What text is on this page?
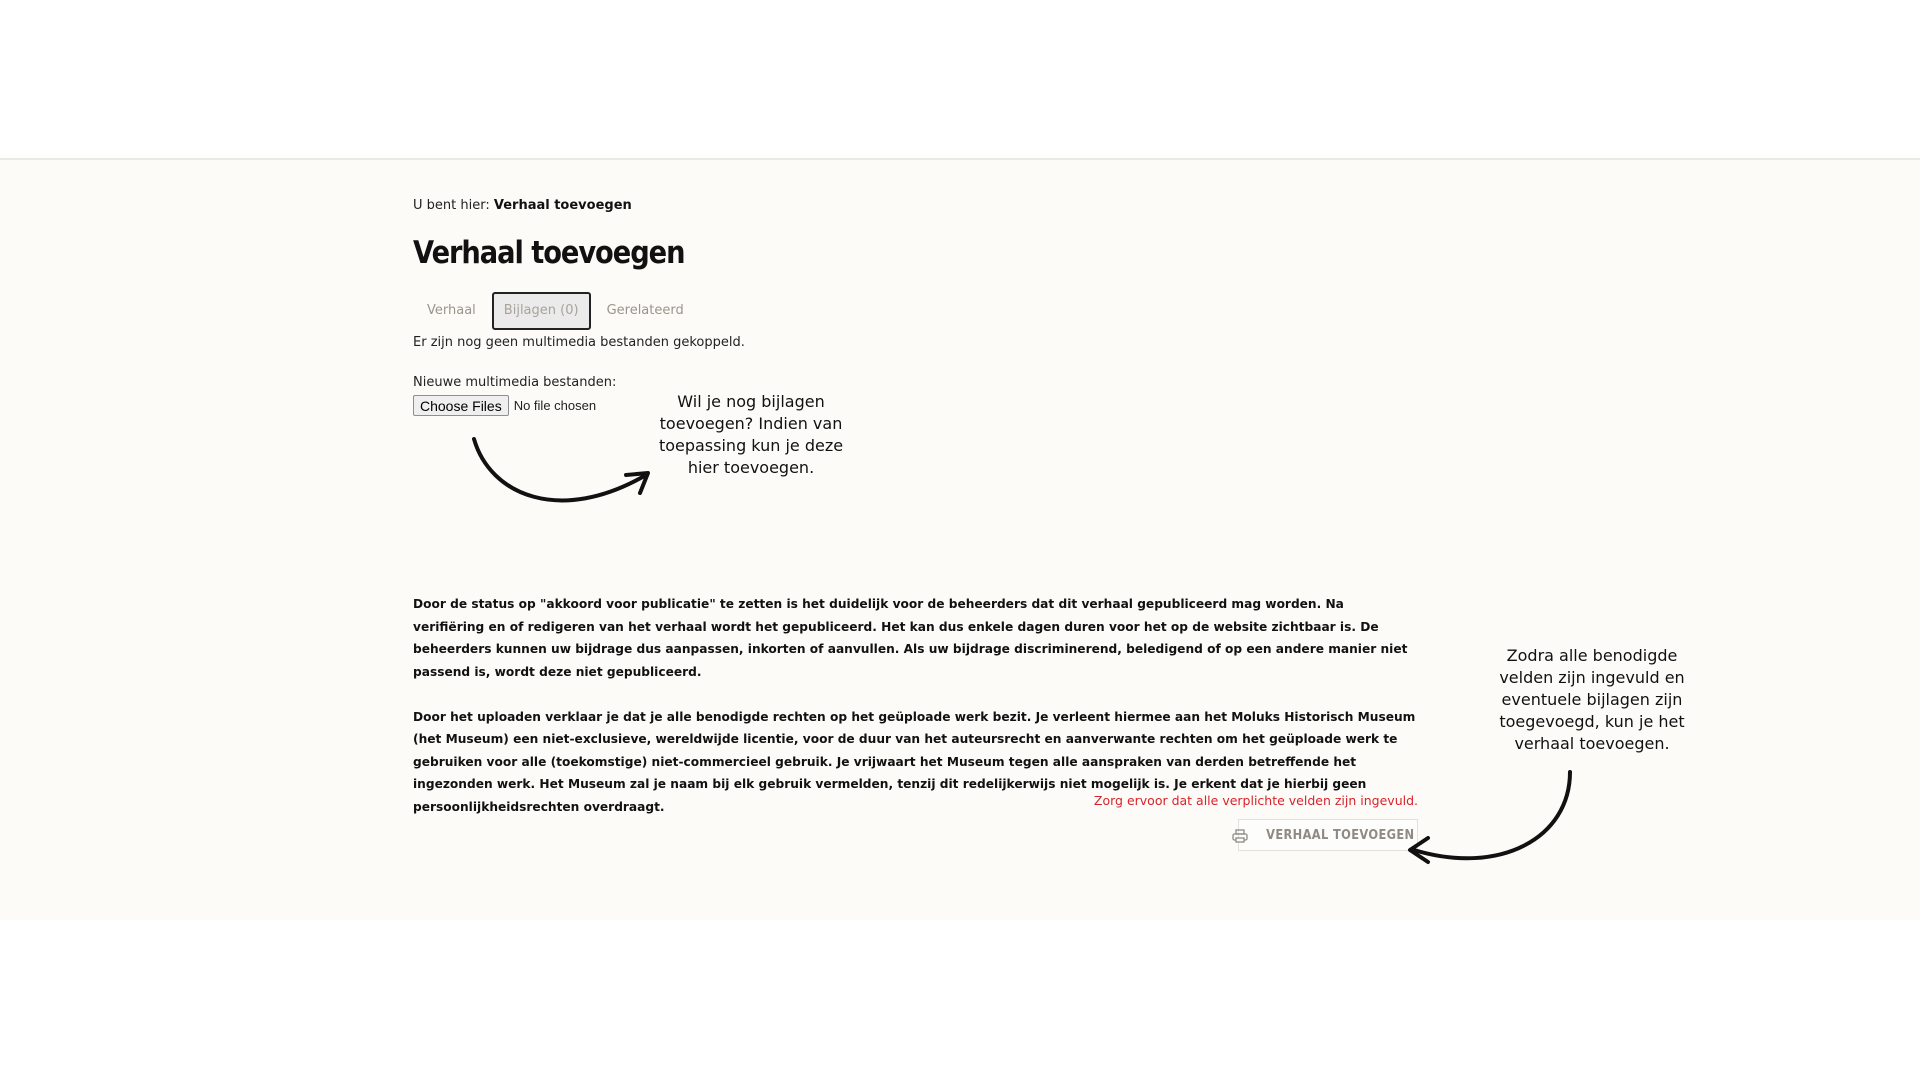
U bent hier: Verhaal toevoegen
Verhaal toevoegen
Verhaal	Bijlagen (0)	Gerelateerd
Er zijn nog geen multimedia bestanden gekoppeld.
Nieuwe multimedia bestanden:
Choose Files No file chosen

Door de status op "akkoord voor publicatie" te zetten is het duidelijk voor de beheerders dat dit verhaal gepubliceerd mag worden. Na verifiëring en of redigeren van het verhaal wordt het gepubliceerd. Het kan dus enkele dagen duren voor het op de website zichtbaar is. De beheerders kunnen uw bijdrage dus aanpassen, inkorten of aanvullen. Als uw bijdrage discriminerend, beledigend of op een andere manier niet passend is, wordt deze niet gepubliceerd.

Door het uploaden verklaar je dat je alle benodigde rechten op het geüploade werk bezit. Je verleent hiermee aan het Moluks Historisch Museum (het Museum) een niet-exclusieve, wereldwijde licentie, voor de duur van het auteursrecht en aanverwante rechten om het geüploade werk te gebruiken voor alle (toekomstige) niet-commercieel gebruik. Je vrijwaart het Museum tegen alle aanspraken van derden betreffende het ingezonden werk. Het Museum zal je naam bij elk gebruik vermelden, tenzij dit redelijkerwijs niet mogelijk is. Je erkent dat je hierbij geen persoonlijkheidsrechten overdraagt.	Zorg ervoor dat alle verplichte velden zijn ingevuld.
VERHAAL TOEVOEGEN
Wil je nog bijlagen toevoegen? Indien van toepassing kun je deze hier toevoegen.
Zodra alle benodigde velden zijn ingevuld en eventuele bijlagen zijn toegevoegd, kun je het verhaal toevoegen.
